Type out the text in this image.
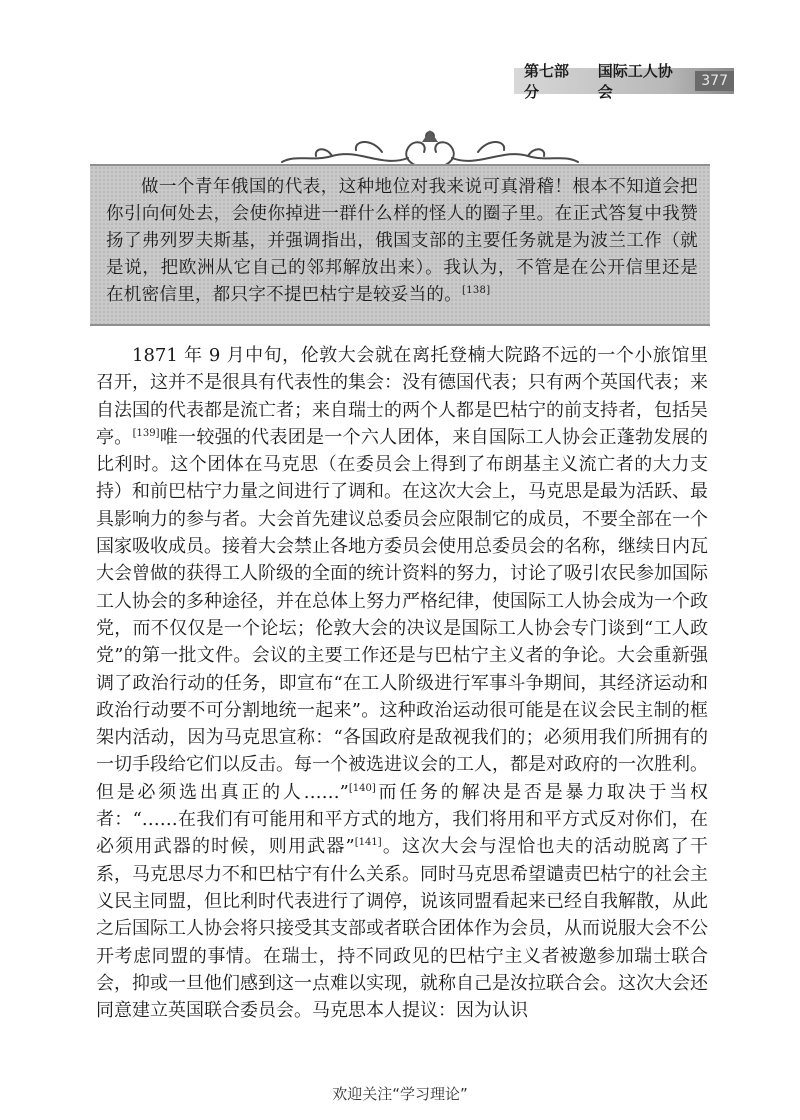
第七部分
国际工人协会
377

做一个青年俄国的代表，这种地位对我来说可真滑稽！根本不知道会把你引向何处去，会使你掉进一群什么样的怪人的圈子里。在正式答复中我赞扬了弗列罗夫斯基，并强调指出，俄国支部的主要任务就是为波兰工作（就是说，把欧洲从它自己的邻邦解放出来）。我认为，不管是在公开信里还是在机密信里，都只字不提巴枯宁是较妥当的。[138]

1871 年 9 月中旬，伦敦大会就在离托登楠大院路不远的一个小旅馆里召开，这并不是很具有代表性的集会：没有德国代表；只有两个英国代表；来自法国的代表都是流亡者；来自瑞士的两个人都是巴枯宁的前支持者，包括吴亭。[139]唯一较强的代表团是一个六人团体，来自国际工人协会正蓬勃发展的比利时。这个团体在马克思（在委员会上得到了布朗基主义流亡者的大力支持）和前巴枯宁力量之间进行了调和。在这次大会上，马克思是最为活跃、最具影响力的参与者。大会首先建议总委员会应限制它的成员，不要全部在一个国家吸收成员。接着大会禁止各地方委员会使用总委员会的名称，继续日内瓦大会曾做的获得工人阶级的全面的统计资料的努力，讨论了吸引农民参加国际工人协会的多种途径，并在总体上努力严格纪律，使国际工人协会成为一个政党，而不仅仅是一个论坛；伦敦大会的决议是国际工人协会专门谈到“工人政党”的第一批文件。会议的主要工作还是与巴枯宁主义者的争论。大会重新强调了政治行动的任务，即宣布“在工人阶级进行军事斗争期间，其经济运动和政治行动要不可分割地统一起来”。这种政治运动很可能是在议会民主制的框架内活动，因为马克思宣称：“各国政府是敌视我们的；必须用我们所拥有的一切手段给它们以反击。每一个被选进议会的工人，都是对政府的一次胜利。但是必须选出真正的人……”[140]而任务的解决是否是暴力取决于当权者：“……在我们有可能用和平方式的地方，我们将用和平方式反对你们，在必须用武器的时候，则用武器”[141]。这次大会与涅恰也夫的活动脱离了干系，马克思尽力不和巴枯宁有什么关系。同时马克思希望谴责巴枯宁的社会主义民主同盟，但比利时代表进行了调停，说该同盟看起来已经自我解散，从此之后国际工人协会将只接受其支部或者联合团体作为会员，从而说服大会不公开考虑同盟的事情。在瑞士，持不同政见的巴枯宁主义者被邀参加瑞士联合会，抑或一旦他们感到这一点难以实现，就称自己是汝拉联合会。这次大会还同意建立英国联合委员会。马克思本人提议：因为认识

欢迎关注“学习理论”
